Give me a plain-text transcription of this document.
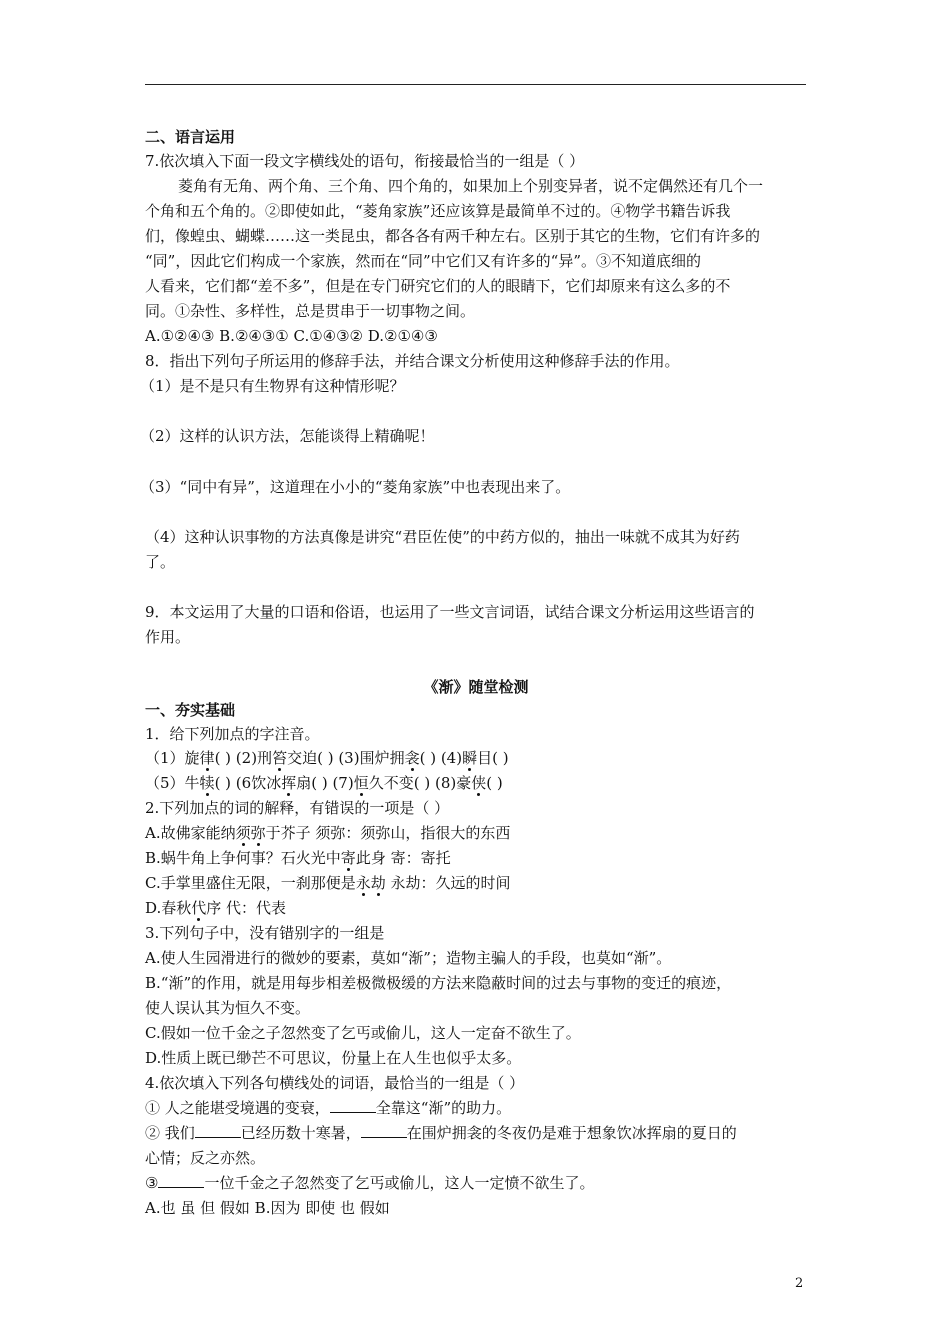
二、语言运用
7.依次填入下面一段文字横线处的语句，衔接最恰当的一组是（ ）
菱角有无角、两个角、三个角、四个角的，如果加上个别变异者，说不定偶然还有几个一
个角和五个角的。②即使如此，“菱角家族”还应该算是最简单不过的。④物学书籍告诉我
们，像蝗虫、蝴蝶……这一类昆虫，都各各有两千种左右。区别于其它的生物，它们有许多的
“同”，因此它们构成一个家族，然而在“同”中它们又有许多的“异”。③不知道底细的
人看来，它们都“差不多”，但是在专门研究它们的人的眼睛下，它们却原来有这么多的不
同。①杂性、多样性，总是贯串于一切事物之间。
A.①②④③ B.②④③① C.①④③② D.②①④③
8．指出下列句子所运用的修辞手法，并结合课文分析使用这种修辞手法的作用。
（1）是不是只有生物界有这种情形呢？
（2）这样的认识方法，怎能谈得上精确呢！
（3）“同中有异”，这道理在小小的“菱角家族”中也表现出来了。
（4）这种认识事物的方法真像是讲究“君臣佐使”的中药方似的，抽出一味就不成其为好药
了。
9．本文运用了大量的口语和俗语，也运用了一些文言词语，试结合课文分析运用这些语言的
作用。
《渐》随堂检测
一、夯实基础
1．给下列加点的字注音。
（1）旋律( ) (2)刑笞交迫( ) (3)围炉拥衾( ) (4)瞬目( )
（5）牛犊( ) (6饮冰挥扇( ) (7)恒久不变( ) (8)豪侠( )
2.下列加点的词的解释，有错误的一项是（ ）
A.故佛家能纳须弥于芥子 须弥：须弥山，指很大的东西
B.蜗牛角上争何事？石火光中寄此身 寄：寄托
C.手掌里盛住无限，一刹那便是永劫 永劫：久远的时间
D.春秋代序 代：代表
3.下列句子中，没有错别字的一组是
A.使人生园滑进行的微妙的要素，莫如“渐”；造物主骗人的手段，也莫如“渐”。
B.“渐”的作用，就是用每步相差极微极缓的方法来隐蔽时间的过去与事物的变迁的痕迹，
使人误认其为恒久不变。
C.假如一位千金之子忽然变了乞丐或偷儿，这人一定奋不欲生了。
D.性质上既已缈芒不可思议，份量上在人生也似乎太多。
4.依次填入下列各句横线处的词语，最恰当的一组是（ ）
① 人之能堪受境遇的变衰，	全靠这“渐”的助力。
② 我们	已经历数十寒暑，	在围炉拥衾的冬夜仍是难于想象饮冰挥扇的夏日的
心情；反之亦然。
③	一位千金之子忽然变了乞丐或偷儿，这人一定愤不欲生了。
A.也 虽 但 假如 B.因为 即使 也 假如
2
